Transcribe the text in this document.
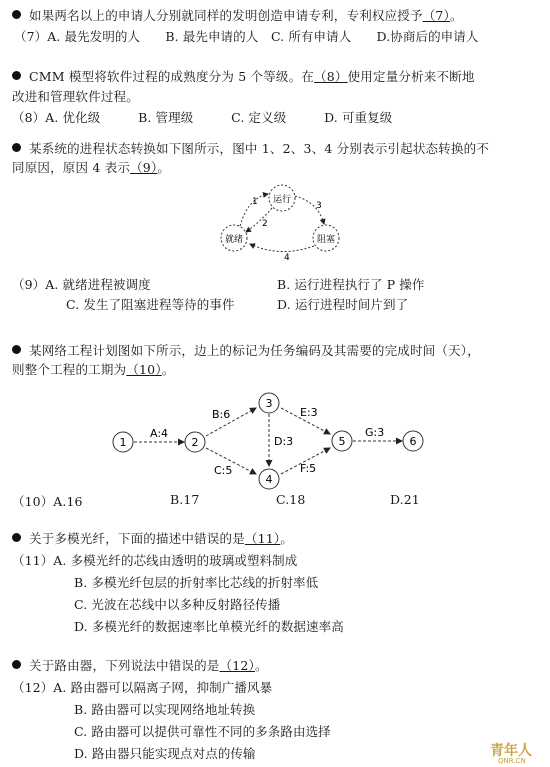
如果两名以上的申请人分别就同样的发明创造申请专利，专利权应授予（7）。
（7）A. 最先发明的人　　B. 最先申请的人　C. 所有申请人　　D.协商后的申请人
CMM 模型将软件过程的成熟度分为 5 个等级。在（8）使用定量分析来不断地
改进和管理软件过程。
（8）A. 优化级　　　B. 管理级　　　C. 定义级　　　D. 可重复级
某系统的进程状态转换如下图所示，图中 1、2、3、4 分别表示引起状态转换的不
同原因，原因 4 表示（9）。
运行
就绪	阻塞
1
2
3
4
（9）A. 就绪进程被调度	B. 运行进程执行了 P 操作
C. 发生了阻塞进程等待的事件	D. 运行进程时间片到了
某网络工程计划图如下所示，边上的标记为任务编码及其需要的完成时间（天），
则整个工程的工期为（10）。
1	2
3
4
5	6
A:4
B:6
C:5
D:3
E:3
F:5
G:3
（10）A.16	B.17	C.18	D.21
关于多模光纤，下面的描述中错误的是（11）。
（11）A. 多模光纤的芯线由透明的玻璃或塑料制成
B. 多模光纤包层的折射率比芯线的折射率低
C. 光波在芯线中以多种反射路径传播
D. 多模光纤的数据速率比单模光纤的数据速率高
关于路由器，下列说法中错误的是（12）。
（12）A. 路由器可以隔离子网，抑制广播风暴
B. 路由器可以实现网络地址转换
C. 路由器可以提供可靠性不同的多条路由选择
D. 路由器只能实现点对点的传输	青年人
QNR.CN
